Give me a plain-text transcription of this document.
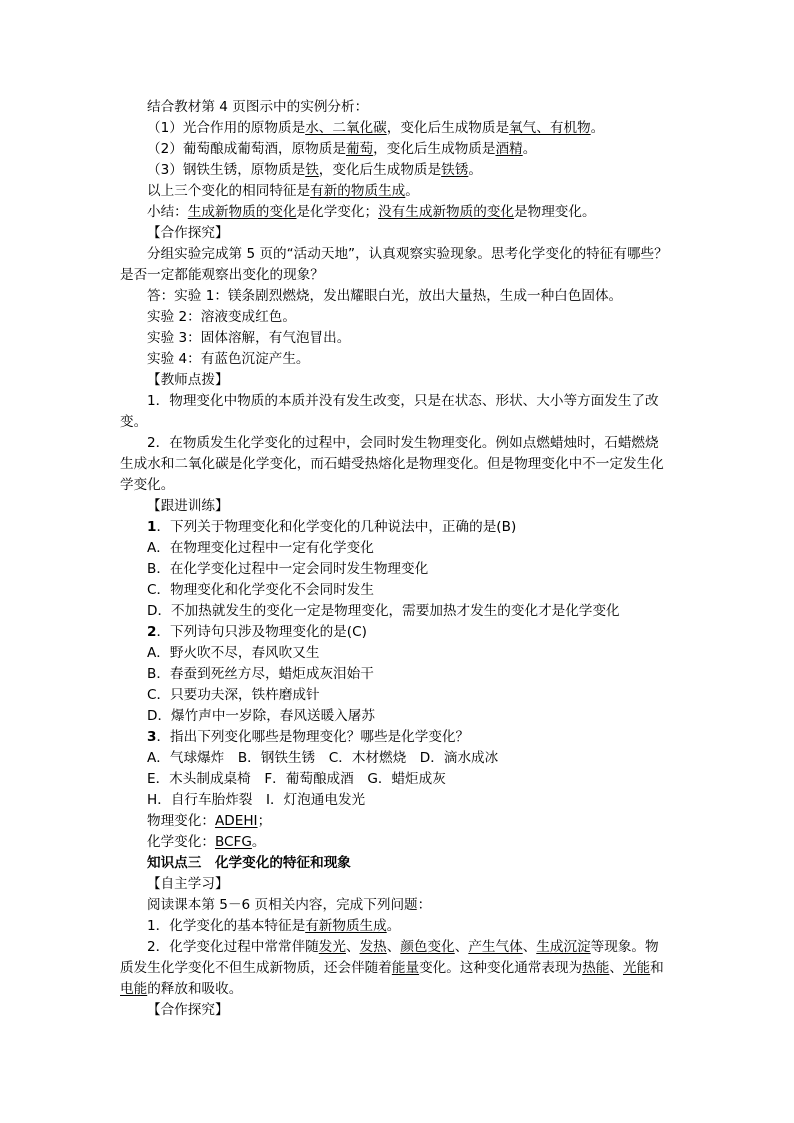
结合教材第 4 页图示中的实例分析：
（1）光合作用的原物质是水、二氧化碳，变化后生成物质是氧气、有机物。
（2）葡萄酿成葡萄酒，原物质是葡萄，变化后生成物质是酒精。
（3）钢铁生锈，原物质是铁，变化后生成物质是铁锈。
以上三个变化的相同特征是有新的物质生成。
小结：生成新物质的变化是化学变化；没有生成新物质的变化是物理变化。
【合作探究】
分组实验完成第 5 页的“活动天地”，认真观察实验现象。思考化学变化的特征有哪些？
是否一定都能观察出变化的现象？
答：实验 1：镁条剧烈燃烧，发出耀眼白光，放出大量热，生成一种白色固体。
实验 2：溶液变成红色。
实验 3：固体溶解，有气泡冒出。
实验 4：有蓝色沉淀产生。
【教师点拨】
1．物理变化中物质的本质并没有发生改变，只是在状态、形状、大小等方面发生了改
变。
2．在物质发生化学变化的过程中，会同时发生物理变化。例如点燃蜡烛时，石蜡燃烧
生成水和二氧化碳是化学变化，而石蜡受热熔化是物理变化。但是物理变化中不一定发生化
学变化。
【跟进训练】
1．下列关于物理变化和化学变化的几种说法中，正确的是(B)
A．在物理变化过程中一定有化学变化
B．在化学变化过程中一定会同时发生物理变化
C．物理变化和化学变化不会同时发生
D．不加热就发生的变化一定是物理变化，需要加热才发生的变化才是化学变化
2．下列诗句只涉及物理变化的是(C)
A．野火吹不尽，春风吹又生
B．春蚕到死丝方尽，蜡炬成灰泪始干
C．只要功夫深，铁杵磨成针
D．爆竹声中一岁除，春风送暖入屠苏
3．指出下列变化哪些是物理变化？哪些是化学变化？
A．气球爆炸　B．钢铁生锈　C．木材燃烧　D．滴水成冰
E．木头制成桌椅　F．葡萄酿成酒　G．蜡炬成灰
H．自行车胎炸裂　I．灯泡通电发光
物理变化：ADEHI；
化学变化：BCFG。
知识点三　化学变化的特征和现象
【自主学习】
阅读课本第 5－6 页相关内容，完成下列问题：
1．化学变化的基本特征是有新物质生成。
2．化学变化过程中常常伴随发光、发热、颜色变化、产生气体、生成沉淀等现象。物
质发生化学变化不但生成新物质，还会伴随着能量变化。这种变化通常表现为热能、光能和
电能的释放和吸收。
【合作探究】
